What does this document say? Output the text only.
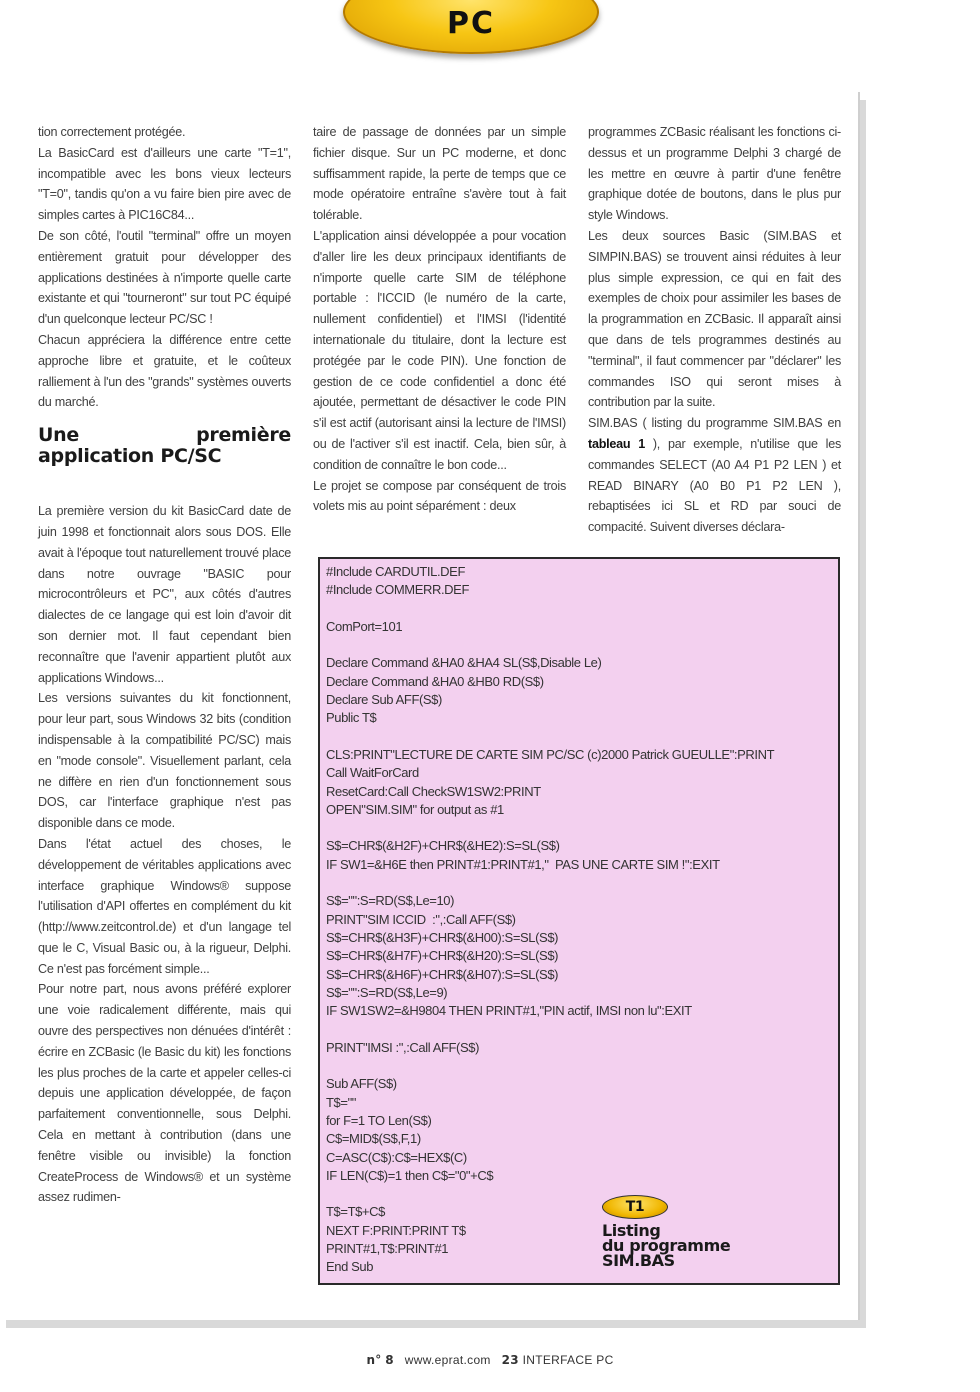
PC

tion correctement protégée.

La BasicCard est d'ailleurs une carte "T=1", incompatible avec les bons vieux lecteurs "T=0", tandis qu'on a vu faire bien pire avec de simples cartes à PIC16C84...

De son côté, l'outil "terminal" offre un moyen entièrement gratuit pour développer des applications destinées à n'importe quelle carte existante et qui "tourneront" sur tout PC équipé d'un quelconque lecteur PC/SC !

Chacun appréciera la différence entre cette approche libre et gratuite, et le coûteux ralliement à l'un des "grands" systèmes ouverts du marché.

Une première application PC/SC

La première version du kit BasicCard date de juin 1998 et fonctionnait alors sous DOS. Elle avait à l'époque tout naturellement trouvé place dans notre ouvrage "BASIC pour microcontrôleurs et PC", aux côtés d'autres dialectes de ce langage qui est loin d'avoir dit son dernier mot. Il faut cependant bien reconnaître que l'avenir appartient plutôt aux applications Windows...

Les versions suivantes du kit fonctionnent, pour leur part, sous Windows 32 bits (condition indispensable à la compatibilité PC/SC) mais en "mode console". Visuellement parlant, cela ne diffère en rien d'un fonctionnement sous DOS, car l'interface graphique n'est pas disponible dans ce mode.

Dans l'état actuel des choses, le développement de véritables applications avec interface graphique Windows® suppose l'utilisation d'API offertes en complément du kit (http://www.zeitcontrol.de) et d'un langage tel que le C, Visual Basic ou, à la rigueur, Delphi. Ce n'est pas forcément simple...

Pour notre part, nous avons préféré explorer une voie radicalement différente, mais qui ouvre des perspectives non dénuées d'intérêt : écrire en ZCBasic (le Basic du kit) les fonctions les plus proches de la carte et appeler celles-ci depuis une application développée, de façon parfaitement conventionnelle, sous Delphi. Cela en mettant à contribution (dans une fenêtre visible ou invisible) la fonction CreateProcess de Windows® et un système assez rudimen-

taire de passage de données par un simple fichier disque. Sur un PC moderne, et donc suffisamment rapide, la perte de temps que ce mode opératoire entraîne s'avère tout à fait tolérable.

L'application ainsi développée a pour vocation d'aller lire les deux principaux identifiants de n'importe quelle carte SIM de téléphone portable : l'ICCID (le numéro de la carte, nullement confidentiel) et l'IMSI (l'identité internationale du titulaire, dont la lecture est protégée par le code PIN). Une fonction de gestion de ce code confidentiel a donc été ajoutée, permettant de désactiver le code PIN s'il est actif (autorisant ainsi la lecture de l'IMSI) ou de l'activer s'il est inactif. Cela, bien sûr, à condition de connaître le bon code...

Le projet se compose par conséquent de trois volets mis au point séparément : deux

programmes ZCBasic réalisant les fonctions ci-dessus et un programme Delphi 3 chargé de les mettre en œuvre à partir d'une fenêtre graphique dotée de boutons, dans le plus pur style Windows.

Les deux sources Basic (SIM.BAS et SIMPIN.BAS) se trouvent ainsi réduites à leur plus simple expression, ce qui en fait des exemples de choix pour assimiler les bases de la programmation en ZCBasic. Il apparaît ainsi que dans de tels programmes destinés au "terminal", il faut commencer par "déclarer" les commandes ISO qui seront mises à contribution par la suite.

SIM.BAS ( listing du programme SIM.BAS en tableau 1 ), par exemple, n'utilise que les commandes SELECT (A0 A4 P1 P2 LEN ) et READ BINARY (A0 B0 P1 P2 LEN ), rebaptisées ici SL et RD par souci de compacité. Suivent diverses déclara-

#Include CARDUTIL.DEF
#Include COMMERR.DEF
ComPort=101
Declare Command &HA0 &HA4 SL(S$,Disable Le)
Declare Command &HA0 &HB0 RD(S$)
Declare Sub AFF(S$)
Public T$
CLS:PRINT"LECTURE DE CARTE SIM PC/SC (c)2000 Patrick GUEULLE":PRINT
Call WaitForCard
ResetCard:Call CheckSW1SW2:PRINT
OPEN"SIM.SIM" for output as #1
S$=CHR$(&H2F)+CHR$(&HE2):S=SL(S$)
IF SW1=&H6E then PRINT#1:PRINT#1,"  PAS UNE CARTE SIM !":EXIT
S$="":S=RD(S$,Le=10)
PRINT"SIM ICCID  :",:Call AFF(S$)
S$=CHR$(&H3F)+CHR$(&H00):S=SL(S$)
S$=CHR$(&H7F)+CHR$(&H20):S=SL(S$)
S$=CHR$(&H6F)+CHR$(&H07):S=SL(S$)
S$="":S=RD(S$,Le=9)
IF SW1SW2=&H9804 THEN PRINT#1,"PIN actif, IMSI non lu":EXIT
PRINT"IMSI :",:Call AFF(S$)
Sub AFF(S$)
T$=""
for F=1 TO Len(S$)
C$=MID$(S$,F,1)
C=ASC(C$):C$=HEX$(C)
IF LEN(C$)=1 then C$="0"+C$
T$=T$+C$
NEXT F:PRINT:PRINT T$
PRINT#1,T$:PRINT#1
End Sub
T1
Listing
du programme
SIM.BAS
n° 8 www.eprat.com 23 INTERFACE PC
